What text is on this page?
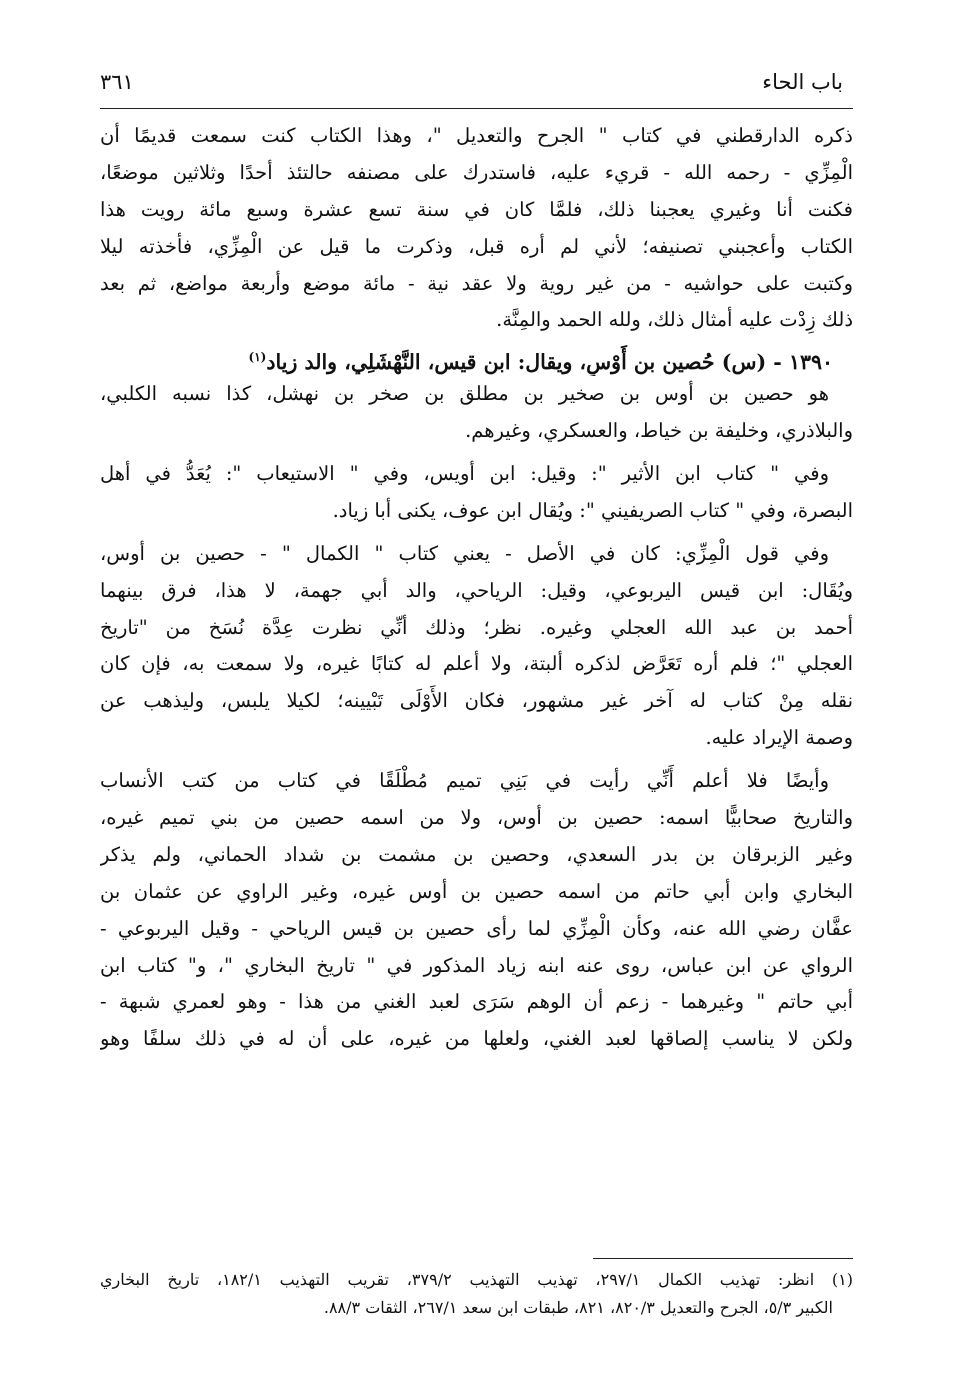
باب الحاء
٣٦١
ذكره الدارقطني في كتاب " الجرح والتعديل "، وهذا الكتاب كنت سمعت قديمًا أن
الْمِزِّي - رحمه الله - قريء عليه، فاستدرك على مصنفه حالتئذ أحدًا وثلاثين موضعًا،
فكنت أنا وغيري يعجبنا ذلك، فلمَّا كان في سنة تسع عشرة وسبع مائة رويت هذا
الكتاب وأعجبني تصنيفه؛ لأني لم أره قبل، وذكرت ما قيل عن الْمِزِّي، فأخذته ليلا
وكتبت على حواشيه - من غير روية ولا عقد نية - مائة موضع وأربعة مواضع، ثم بعد
ذلك زِدْت عليه أمثال ذلك، ولله الحمد والمِنَّة.
١٣٩٠ - (س) حُصين بن أَوْسٍ، ويقال: ابن قيس، النَّهْشَلِي، والد زياد$^{(١)}$
هو حصين بن أوس بن صخير بن مطلق بن صخر بن نهشل، كذا نسبه الكلبي،
والبلاذري، وخليفة بن خياط، والعسكري، وغيرهم.
وفي " كتاب ابن الأثير ": وقيل: ابن أويس، وفي " الاستيعاب ": يُعَدُّ في أهل
البصرة، وفي " كتاب الصريفيني ": ويُقال ابن عوف، يكنى أبا زياد.
وفي قول الْمِزِّي: كان في الأصل - يعني كتاب " الكمال " - حصين بن أوس،
ويُقَال: ابن قيس اليربوعي، وقيل: الرياحي، والد أبي جهمة، لا هذا، فرق بينهما
أحمد بن عبد الله العجلي وغيره. نظر؛ وذلك أنِّي نظرت عِدَّة نُسَخ من "تاريخ
العجلي "؛ فلم أره تَعَرَّض لذكره ألبتة، ولا أعلم له كتابًا غيره، ولا سمعت به، فإن كان
نقله مِنْ كتاب له آخر غير مشهور، فكان الأَوْلَى تَبْيينه؛ لكيلا يلبس، وليذهب عن
وصمة الإيراد عليه.
وأيضًا فلا أعلم أَنِّي رأيت في بَنِي تميم مُطْلَقًا في كتاب من كتب الأنساب
والتاريخ صحابيًّا اسمه: حصين بن أوس، ولا من اسمه حصين من بني تميم غيره،
وغير الزبرقان بن بدر السعدي، وحصين بن مشمت بن شداد الحماني، ولم يذكر
البخاري وابن أبي حاتم من اسمه حصين بن أوس غيره، وغير الراوي عن عثمان بن
عفَّان رضي الله عنه، وكأن الْمِزِّي لما رأى حصين بن قيس الرياحي - وقيل اليربوعي -
الرواي عن ابن عباس، روى عنه ابنه زياد المذكور في " تاريخ البخاري "، و" كتاب ابن
أبي حاتم " وغيرهما - زعم أن الوهم سَرَى لعبد الغني من هذا - وهو لعمري شبهة -
ولكن لا يناسب إلصاقها لعبد الغني، ولعلها من غيره، على أن له في ذلك سلفًا وهو
(١) انظر: تهذيب الكمال ٢٩٧/١، تهذيب التهذيب ٣٧٩/٢، تقريب التهذيب ١٨٢/١، تاريخ البخاري
الكبير ٥/٣، الجرح والتعديل ٨٢٠/٣، ٨٢١، طبقات ابن سعد ٢٦٧/١، الثقات ٨٨/٣.
